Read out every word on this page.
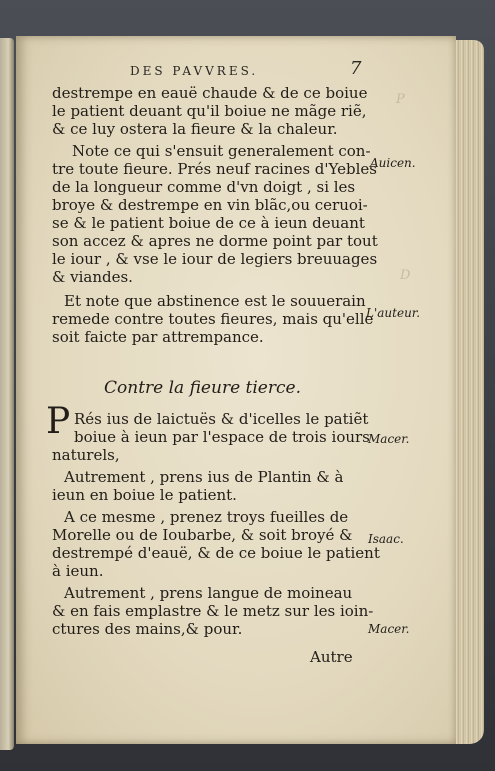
P
D
DES PAVVRES.	7
destrempe en eauë chaude & de ce boiue
le patient deuant qu'il boiue ne mãge riẽ,
& ce luy ostera la fieure & la chaleur.
Note ce qui s'ensuit generalement con-
tre toute fieure. Prés neuf racines d'Yebles
de la longueur comme d'vn doigt , si les
broye & destrempe en vin blãc,ou ceruoi-
se & le patient boiue de ce à ieun deuant
son accez & apres ne dorme point par tout
le iour , & vse le iour de legiers breuuages
& viandes.
Et note que abstinence est le souuerain
remede contre toutes fieures, mais qu'elle
soit faicte par attrempance.
Contre la fieure tierce.
P Rés ius de laictuës & d'icelles le patiẽt
boiue à ieun par l'espace de trois iours
naturels,
Autrement , prens ius de Plantin & à
ieun en boiue le patient.
A ce mesme , prenez troys fueilles de
Morelle ou de Ioubarbe, & soit broyé &
destrempé d'eauë, & de ce boiue le patient
à ieun.
Autrement , prens langue de moineau
& en fais emplastre & le metz sur les ioin-
ctures des mains,& pour.
Auicen.
L'auteur.
Macer.
Isaac.
Macer.
Autre
